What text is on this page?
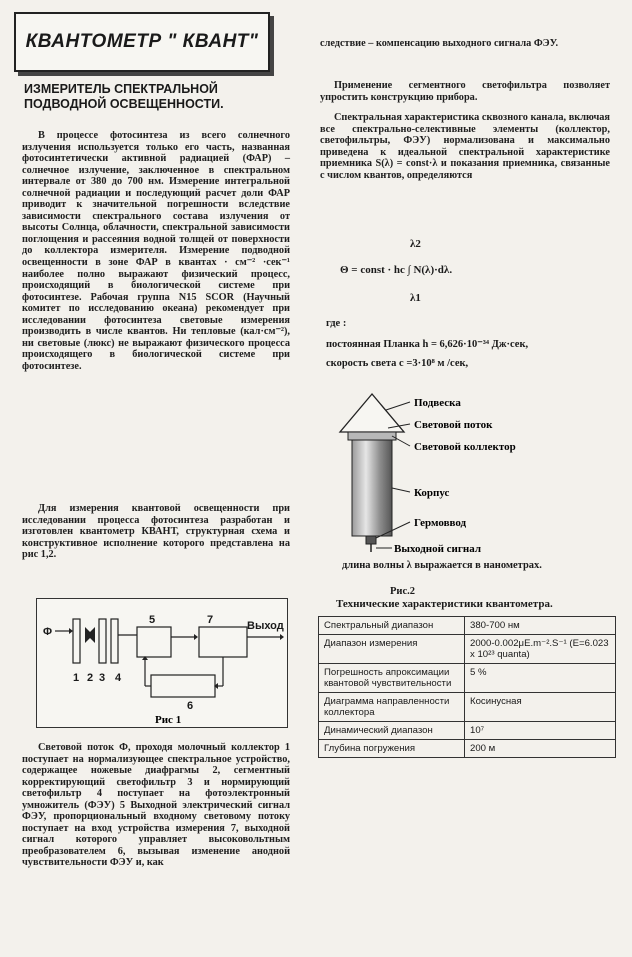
КВАНТОМЕТР " КВАНТ"
ИЗМЕРИТЕЛЬ СПЕКТРАЛЬНОЙ ПОДВОДНОЙ ОСВЕЩЕННОСТИ.
В процессе фотосинтеза из всего солнечного излучения используется только его часть, названная фотосинтетически активной радиацией (ФАР) – солнечное излучение, заключенное в спектральном интервале от 380 до 700 нм. Измерение интегральной солнечной радиации и последующий расчет доли ФАР приводит к значительной погрешности вследствие зависимости спектрального состава излучения от высоты Солнца, облачности, спектральной зависимости поглощения и рассеяния водной толщей от поверхности до коллектора измерителя. Измерение подводной освещенности в зоне ФАР в квантах · см⁻² ·сек⁻¹ наиболее полно выражают физический процесс, происходящий в биологической системе при фотосинтезе. Рабочая группа N15 SCOR (Научный комитет по исследованию океана) рекомендует при исследовании фотосинтеза световые измерения производить в числе квантов. Ни тепловые (кал·см⁻²), ни световые (люкс) не выражают физического процесса происходящего в биологической системе при фотосинтезе.
Для измерения квантовой освещенности при исследовании процесса фотосинтеза разработан и изготовлен квантометр КВАНТ, структурная схема и конструктивное исполнение которого представлена на рис 1,2.
Φ	Выход
1 2 3 4
5
6
7
Рис 1
Световой поток Ф, проходя молочный коллектор 1 поступает на нормализующее спектральное устройство, содержащее ножевые диафрагмы 2, сегментный корректирующий светофильтр 3 и нормирующий светофильтр 4 поступает на фотоэлектронный умножитель (ФЭУ) 5 Выходной электрический сигнал ФЭУ, пропорциональный входному световому потоку поступает на вход устройства измерения 7, выходной сигнал которого управляет высоковольтным преобразователем 6, вызывая изменение анодной чувствительности ФЭУ и, как
следствие – компенсацию выходного сигнала ФЭУ.
Применение сегментного светофильтра позволяет упростить конструкцию прибора.
Спектральная характеристика сквозного канала, включая все спектрально-селективные элементы (коллектор, светофильтры, ФЭУ) нормализована и максимально приведена к идеальной спектральной характеристике приемника S(λ) = const·λ и показания приемника, связанные с числом квантов, определяются
λ2
Θ = const · hc ∫ N(λ)·dλ.
λ1
где :
постоянная Планка h = 6,626·10⁻³⁴ Дж·сек,
скорость света с =3·10⁸ м /сек,
Подвеска
Световой поток
Световой коллектор
Корпус
Гермоввод
Выходной сигнал
длина волны λ выражается в нанометрах.
Рис.2
Технические характеристики квантометра.
Спектральный диапазон	380-700 нм
Диапазон измерения	2000-0.002μE.m⁻².S⁻¹ (E=6.023 x 10²³ quanta)
Погрешность апроксимации квантовой чувствительности	5 %
Диаграмма направленности коллектора	Косинусная
Динамический диапазон	10⁷
Глубина погружения	200 м
